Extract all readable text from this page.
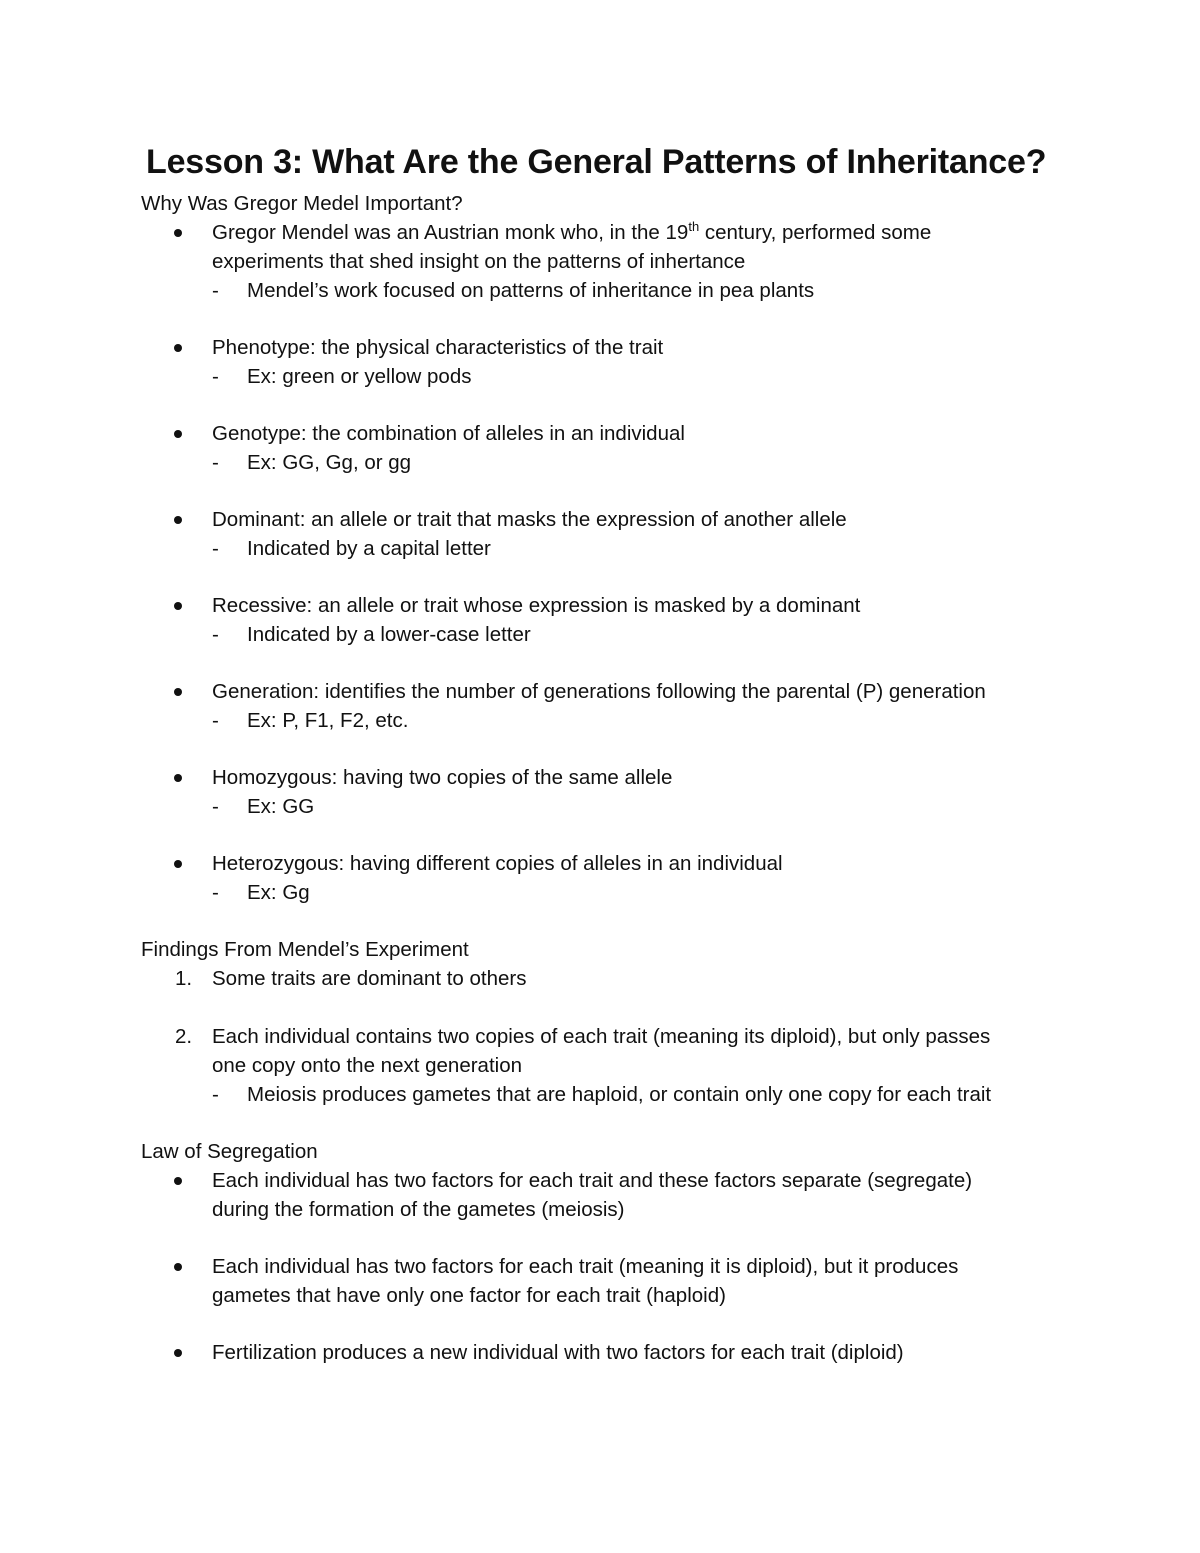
Lesson 3: What Are the General Patterns of Inheritance?
Why Was Gregor Medel Important?
Gregor Mendel was an Austrian monk who, in the 19th century, performed some
experiments that shed insight on the patterns of inhertance
- Mendel’s work focused on patterns of inheritance in pea plants
Phenotype: the physical characteristics of the trait
- Ex: green or yellow pods
Genotype: the combination of alleles in an individual
- Ex: GG, Gg, or gg
Dominant: an allele or trait that masks the expression of another allele
- Indicated by a capital letter
Recessive: an allele or trait whose expression is masked by a dominant
- Indicated by a lower-case letter
Generation: identifies the number of generations following the parental (P) generation
- Ex: P, F1, F2, etc.
Homozygous: having two copies of the same allele
- Ex: GG
Heterozygous: having different copies of alleles in an individual
- Ex: Gg
Findings From Mendel’s Experiment
1. Some traits are dominant to others
2. Each individual contains two copies of each trait (meaning its diploid), but only passes
one copy onto the next generation
- Meiosis produces gametes that are haploid, or contain only one copy for each trait
Law of Segregation
Each individual has two factors for each trait and these factors separate (segregate)
during the formation of the gametes (meiosis)
Each individual has two factors for each trait (meaning it is diploid), but it produces
gametes that have only one factor for each trait (haploid)
Fertilization produces a new individual with two factors for each trait (diploid)
